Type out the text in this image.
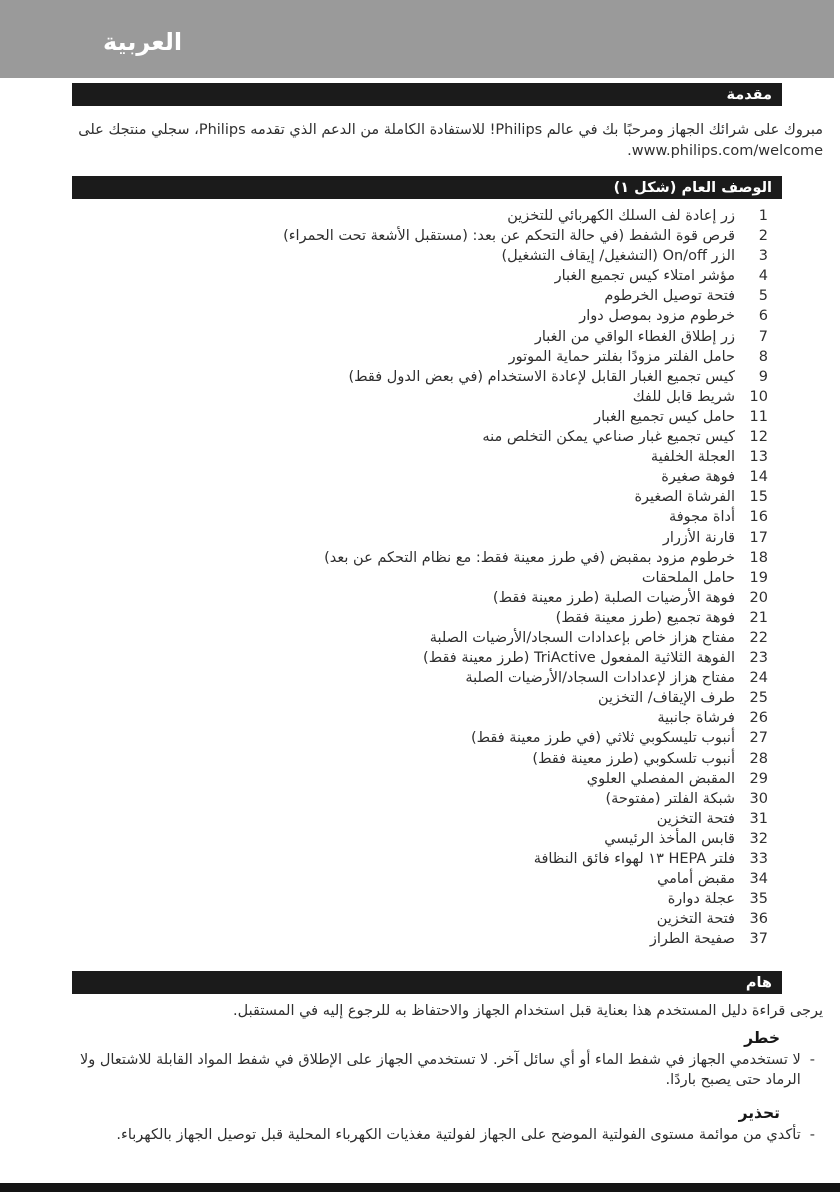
العربية
مقدمة
مبروك على شرائك الجهاز ومرحبًا بك في عالم Philips! للاستفادة الكاملة من الدعم الذي تقدمه Philips، سجلي منتجك على
www.philips.com/welcome.
الوصف العام (شكل ١)
1
زر إعادة لف السلك الكهربائي للتخزين
2
قرص قوة الشفط (في حالة التحكم عن بعد: (مستقبل الأشعة تحت الحمراء)
3
الزر On/off (التشغيل/ إيقاف التشغيل)
4
مؤشر امتلاء كيس تجميع الغبار
5
فتحة توصيل الخرطوم
6
خرطوم مزود بموصل دوار
7
زر إطلاق الغطاء الواقي من الغبار
8
حامل الفلتر مزودًا بفلتر حماية الموتور
9
كيس تجميع الغبار القابل لإعادة الاستخدام (في بعض الدول فقط)
10
شريط قابل للفك
11
حامل كيس تجميع الغبار
12
كيس تجميع غبار صناعي يمكن التخلص منه
13
العجلة الخلفية
14
فوهة صغيرة
15
الفرشاة الصغيرة
16
أداة مجوفة
17
قارنة الأزرار
18
خرطوم مزود بمقبض (في طرز معينة فقط: مع نظام التحكم عن بعد)
19
حامل الملحقات
20
فوهة الأرضيات الصلبة (طرز معينة فقط)
21
فوهة تجميع (طرز معينة فقط)
22
مفتاح هزاز خاص بإعدادات السجاد/الأرضيات الصلبة
23
الفوهة الثلاثية المفعول TriActive (طرز معينة فقط)
24
مفتاح هزاز لإعدادات السجاد/الأرضيات الصلبة
25
طرف الإيقاف/ التخزين
26
فرشاة جانبية
27
أنبوب تليسكوبي ثلاثي (في طرز معينة فقط)
28
أنبوب تلسكوبي (طرز معينة فقط)
29
المقبض المفصلي العلوي
30
شبكة الفلتر (مفتوحة)
31
فتحة التخزين
32
قابس المأخذ الرئيسي
33
فلتر HEPA ١٣ لهواء فائق النظافة
34
مقبض أمامي
35
عجلة دوارة
36
فتحة التخزين
37
صفيحة الطراز
هام
يرجى قراءة دليل المستخدم هذا بعناية قبل استخدام الجهاز والاحتفاظ به للرجوع إليه في المستقبل.
خطر
-
لا تستخدمي الجهاز في شفط الماء أو أي سائل آخر. لا تستخدمي الجهاز على الإطلاق في شفط المواد القابلة للاشتعال ولا
الرماد حتى يصبح باردًا.
تحذير
-
تأكدي من موائمة مستوى الفولتية الموضح على الجهاز لفولتية مغذيات الكهرباء المحلية قبل توصيل الجهاز بالكهرباء.
